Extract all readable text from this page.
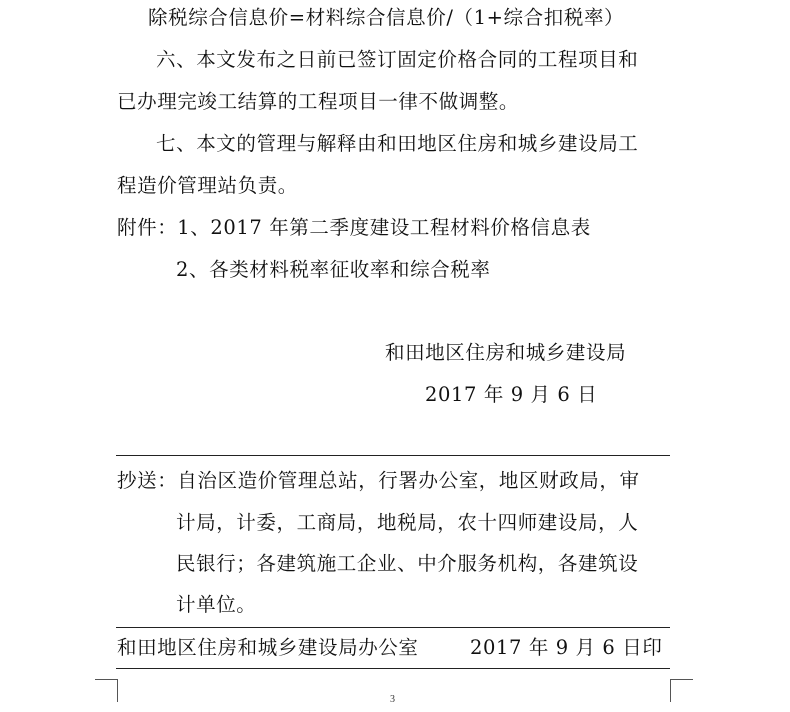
除税综合信息价=材料综合信息价/（1+综合扣税率）
六、本文发布之日前已签订固定价格合同的工程项目和
已办理完竣工结算的工程项目一律不做调整。
七、本文的管理与解释由和田地区住房和城乡建设局工
程造价管理站负责。
附件：1、2017 年第二季度建设工程材料价格信息表
2、各类材料税率征收率和综合税率
和田地区住房和城乡建设局
2017 年 9 月 6 日
抄送：自治区造价管理总站，行署办公室，地区财政局，审
计局，计委，工商局，地税局，农十四师建设局，人
民银行；各建筑施工企业、中介服务机构，各建筑设
计单位。
和田地区住房和城乡建设局办公室	2017 年 9 月 6 日印
3
